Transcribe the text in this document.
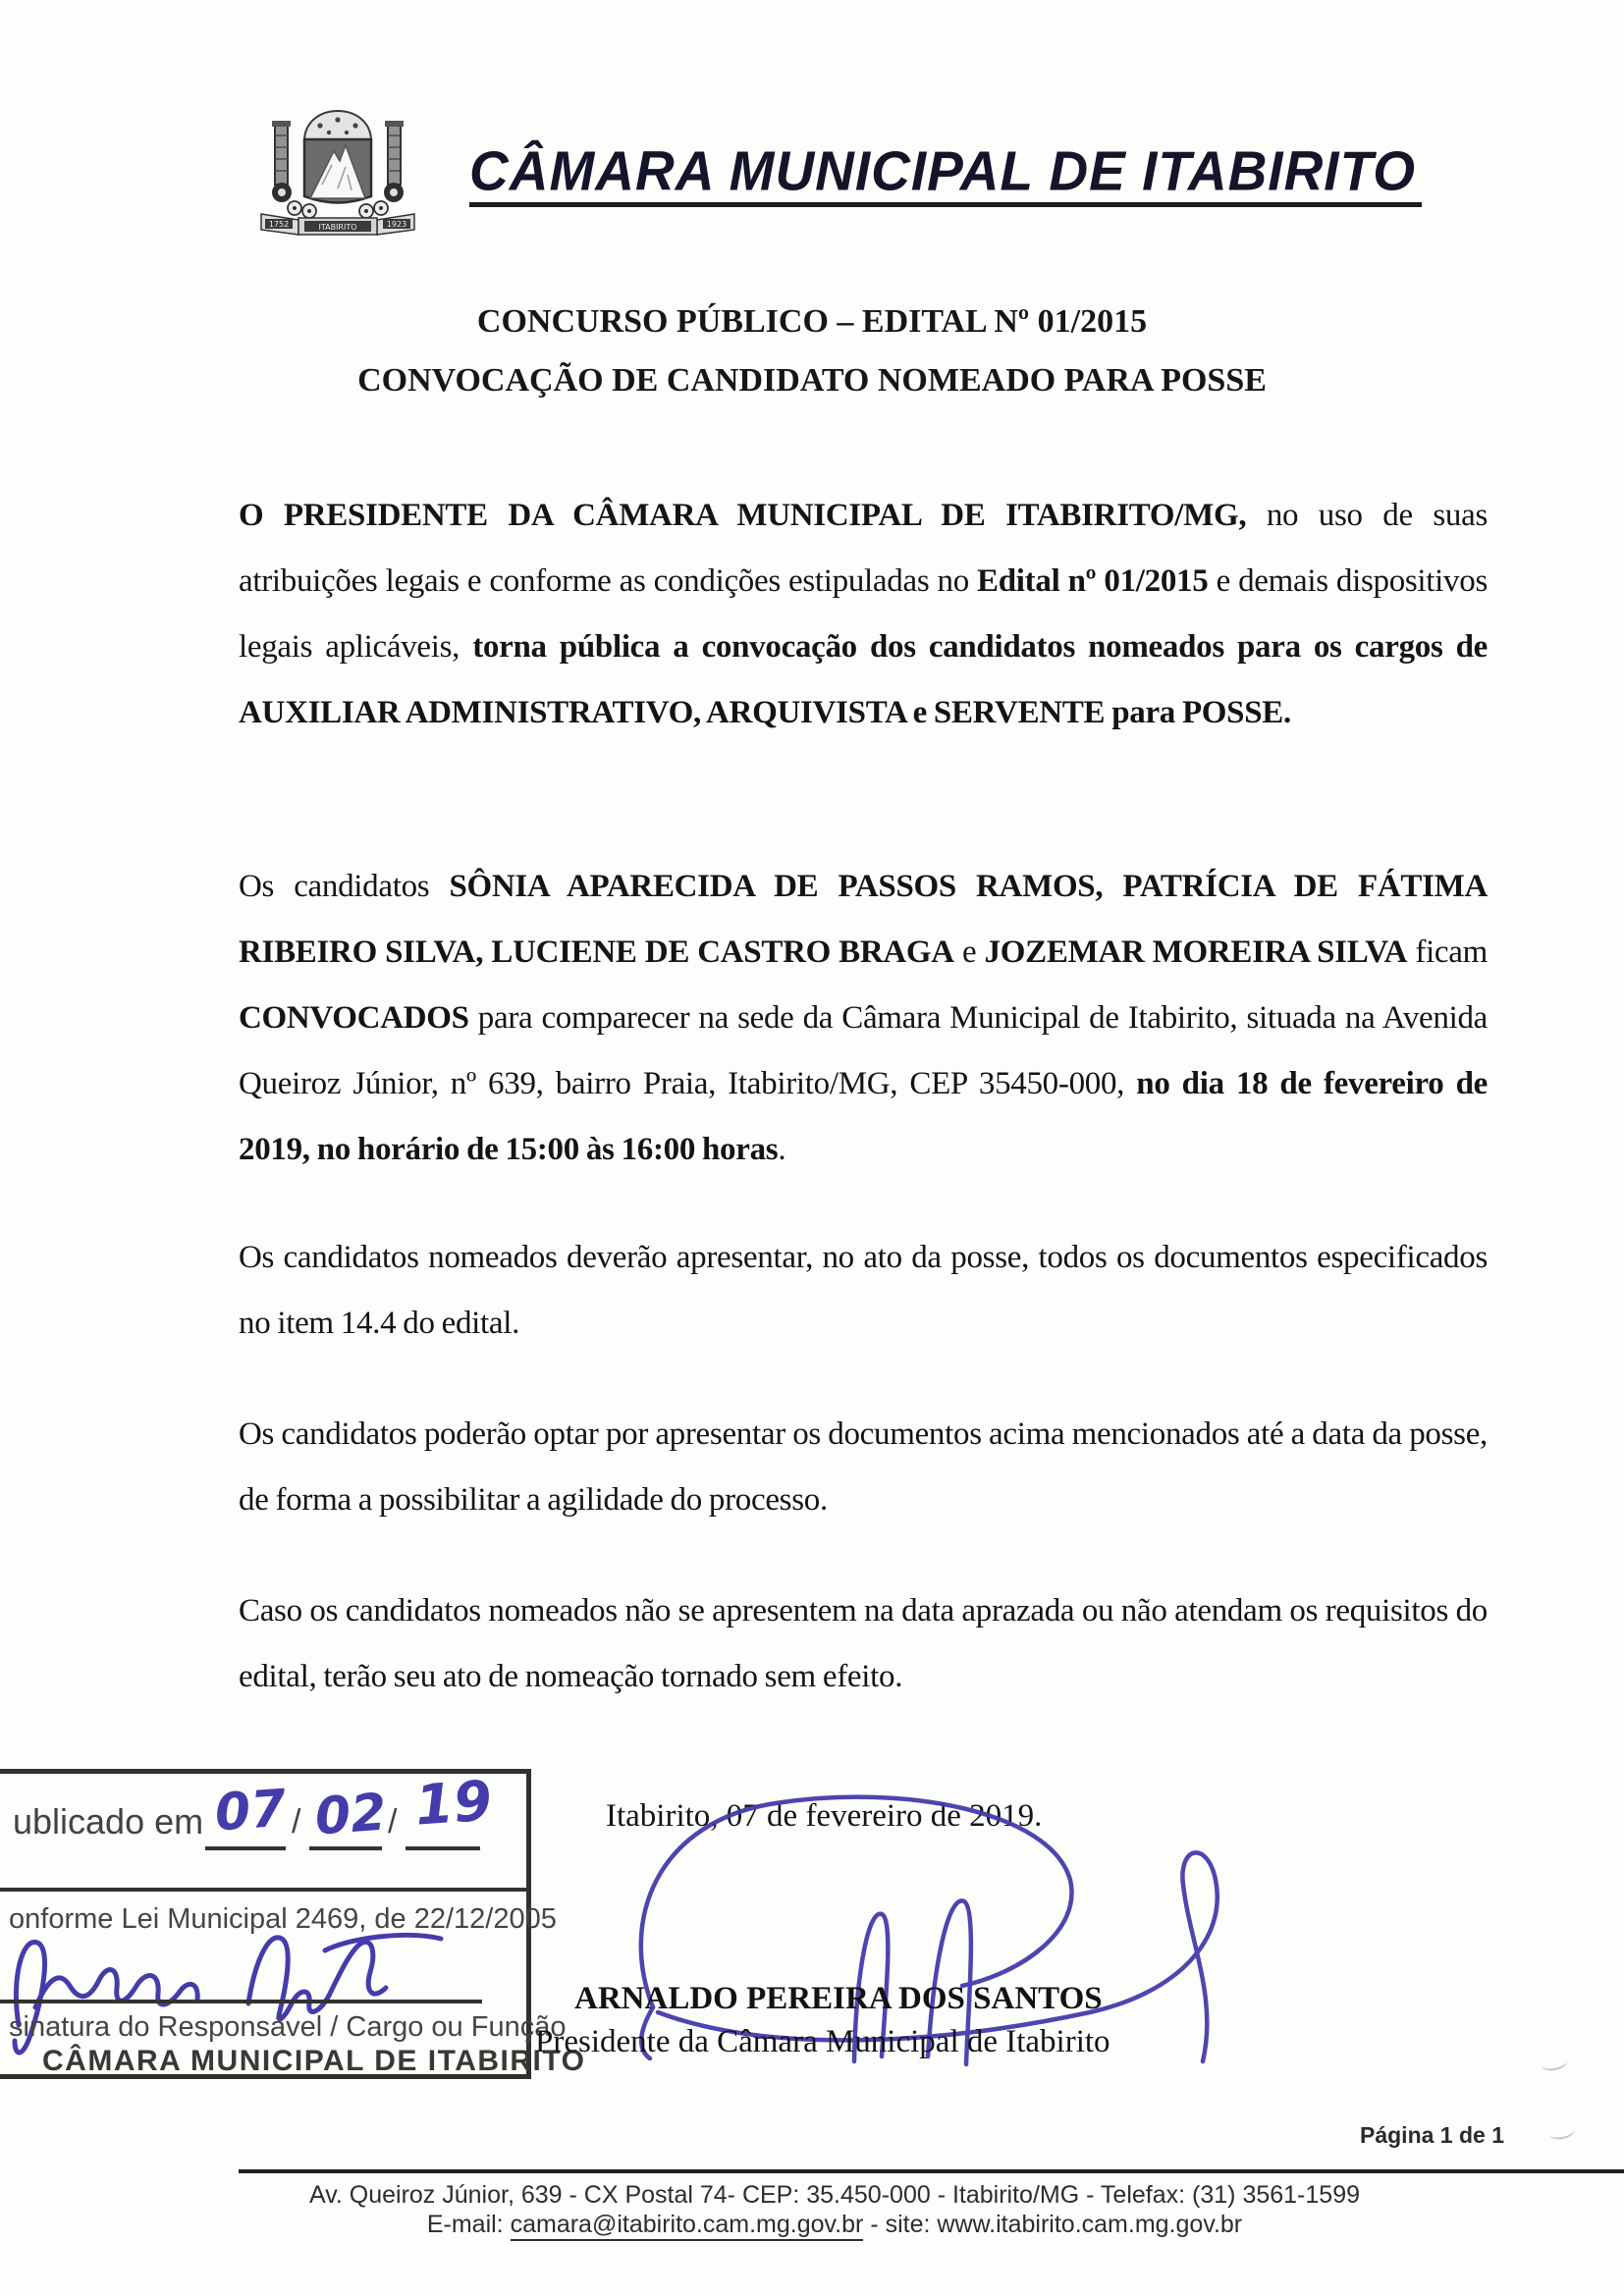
1752	ITABIRITO	1923
CÂMARA MUNICIPAL DE ITABIRITO
CONCURSO PÚBLICO – EDITAL Nº 01/2015
CONVOCAÇÃO DE CANDIDATO NOMEADO PARA POSSE
O PRESIDENTE DA CÂMARA MUNICIPAL DE ITABIRITO/MG, no uso de suas atribuições legais e conforme as condições estipuladas no Edital nº 01/2015 e demais dispositivos legais aplicáveis, torna pública a convocação dos candidatos nomeados para os cargos de AUXILIAR ADMINISTRATIVO, ARQUIVISTA e SERVENTE para POSSE.
Os candidatos SÔNIA APARECIDA DE PASSOS RAMOS, PATRÍCIA DE FÁTIMA RIBEIRO SILVA, LUCIENE DE CASTRO BRAGA e JOZEMAR MOREIRA SILVA ficam CONVOCADOS para comparecer na sede da Câmara Municipal de Itabirito, situada na Avenida Queiroz Júnior, nº 639, bairro Praia, Itabirito/MG, CEP 35450-000, no dia 18 de fevereiro de 2019, no horário de 15:00 às 16:00 horas.
Os candidatos nomeados deverão apresentar, no ato da posse, todos os documentos especificados no item 14.4 do edital.
Os candidatos poderão optar por apresentar os documentos acima mencionados até a data da posse, de forma a possibilitar a agilidade do processo.
Caso os candidatos nomeados não se apresentem na data aprazada ou não atendam os requisitos do edital, terão seu ato de nomeação tornado sem efeito.
ublicado em	/	/
07 02 19
onforme Lei Municipal 2469, de 22/12/2005
sinatura do Responsável / Cargo ou Função
CÂMARA MUNICIPAL DE ITABIRITO
Itabirito, 07 de fevereiro de 2019.
ARNALDO PEREIRA DOS SANTOS
Presidente da Câmara Municipal de Itabirito
Página 1 de 1
Av. Queiroz Júnior, 639 - CX Postal 74- CEP: 35.450-000 - Itabirito/MG - Telefax: (31) 3561-1599
E-mail: camara@itabirito.cam.mg.gov.br - site: www.itabirito.cam.mg.gov.br
